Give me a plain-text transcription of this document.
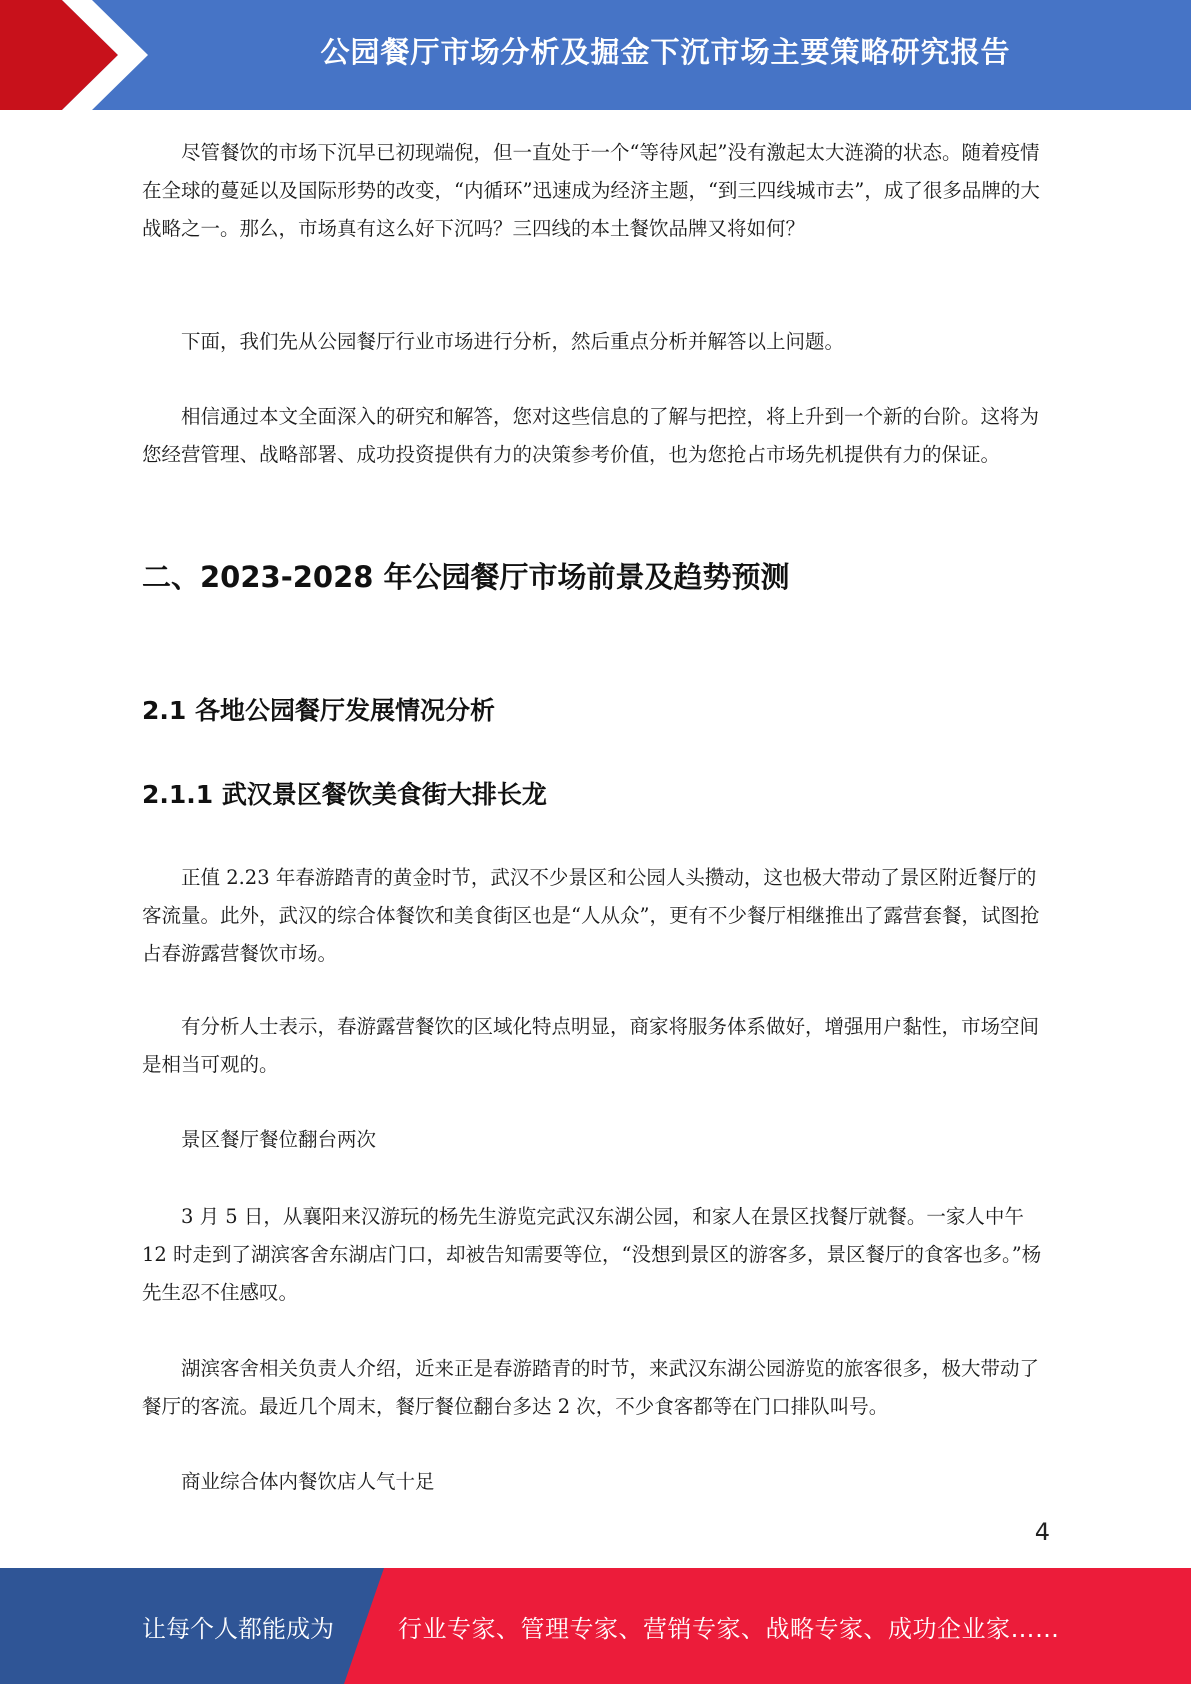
公园餐厅市场分析及掘金下沉市场主要策略研究报告

尽管餐饮的市场下沉早已初现端倪，但一直处于一个“等待风起”没有激起太大涟漪的状态。随着疫情在全球的蔓延以及国际形势的改变，“内循环”迅速成为经济主题，“到三四线城市去”，成了很多品牌的大战略之一。那么，市场真有这么好下沉吗？三四线的本土餐饮品牌又将如何？

下面，我们先从公园餐厅行业市场进行分析，然后重点分析并解答以上问题。

相信通过本文全面深入的研究和解答，您对这些信息的了解与把控，将上升到一个新的台阶。这将为您经营管理、战略部署、成功投资提供有力的决策参考价值，也为您抢占市场先机提供有力的保证。

二、2023-2028 年公园餐厅市场前景及趋势预测
2.1 各地公园餐厅发展情况分析
2.1.1 武汉景区餐饮美食街大排长龙

正值 2.23 年春游踏青的黄金时节，武汉不少景区和公园人头攒动，这也极大带动了景区附近餐厅的客流量。此外，武汉的综合体餐饮和美食街区也是“人从众”，更有不少餐厅相继推出了露营套餐，试图抢占春游露营餐饮市场。

有分析人士表示，春游露营餐饮的区域化特点明显，商家将服务体系做好，增强用户黏性，市场空间是相当可观的。

景区餐厅餐位翻台两次

3 月 5 日，从襄阳来汉游玩的杨先生游览完武汉东湖公园，和家人在景区找餐厅就餐。一家人中午 12 时走到了湖滨客舍东湖店门口，却被告知需要等位，“没想到景区的游客多，景区餐厅的食客也多。”杨先生忍不住感叹。

湖滨客舍相关负责人介绍，近来正是春游踏青的时节，来武汉东湖公园游览的旅客很多，极大带动了餐厅的客流。最近几个周末，餐厅餐位翻台多达 2 次，不少食客都等在门口排队叫号。

商业综合体内餐饮店人气十足

4
让每个人都能成为	行业专家、管理专家、营销专家、战略专家、成功企业家……
